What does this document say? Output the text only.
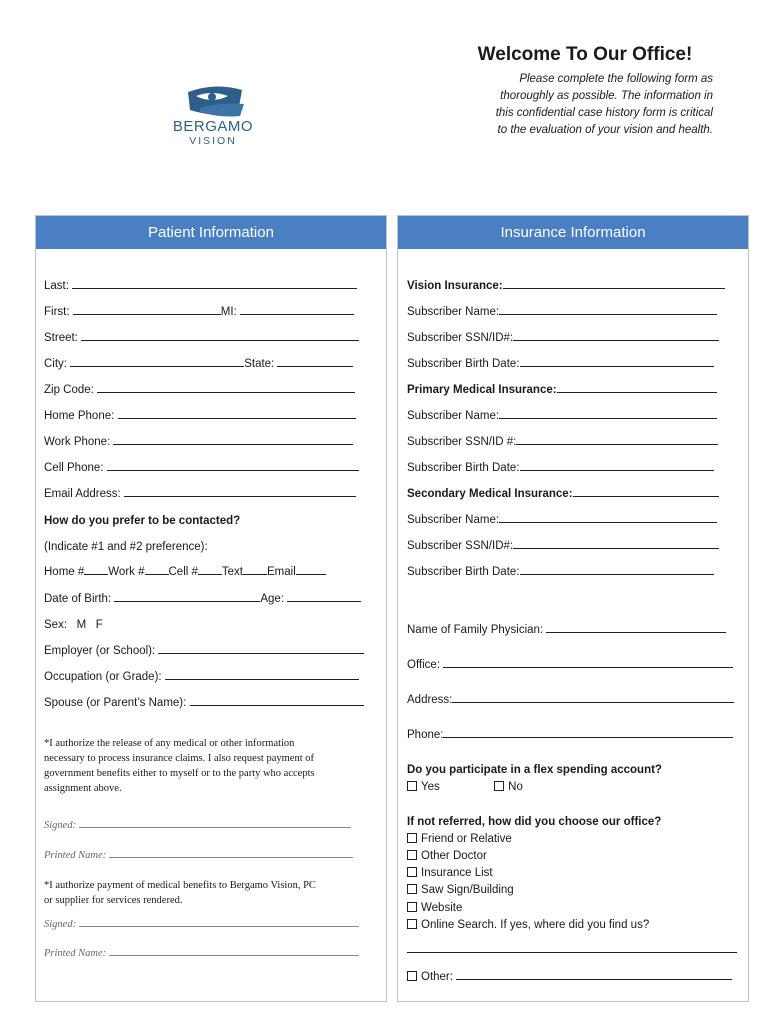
BERGAMO
VISION
Welcome To Our Office!
Please complete the following form as
thoroughly as possible. The information in
this confidential case history form is critical
to the evaluation of your vision and health.
Patient Information
Last:
First:	MI:
Street:
City:	State:
Zip Code:
Home Phone:
Work Phone:
Cell Phone:
Email Address:
How do you prefer to be contacted?
(Indicate #1 and #2 preference):
Home # Work # Cell # Text Email
Date of Birth:	Age:
Sex: M F
Employer (or School):
Occupation (or Grade):
Spouse (or Parent’s Name):
*I authorize the release of any medical or other information
necessary to process insurance claims. I also request payment of
government benefits either to myself or to the party who accepts
assignment above.
Signed:
Printed Name:
*I authorize payment of medical benefits to Bergamo Vision, PC
or supplier for services rendered.
Signed:
Printed Name:
Insurance Information
Vision Insurance:
Subscriber Name:
Subscriber SSN/ID#:
Subscriber Birth Date:
Primary Medical Insurance:
Subscriber Name:
Subscriber SSN/ID #:
Subscriber Birth Date:
Secondary Medical Insurance:
Subscriber Name:
Subscriber SSN/ID#:
Subscriber Birth Date:
Name of Family Physician:
Office:
Address:
Phone:
Do you participate in a flex spending account?
Yes	No
If not referred, how did you choose our office?
Friend or Relative
Other Doctor
Insurance List
Saw Sign/Building
Website
Online Search. If yes, where did you find us?
Other:
